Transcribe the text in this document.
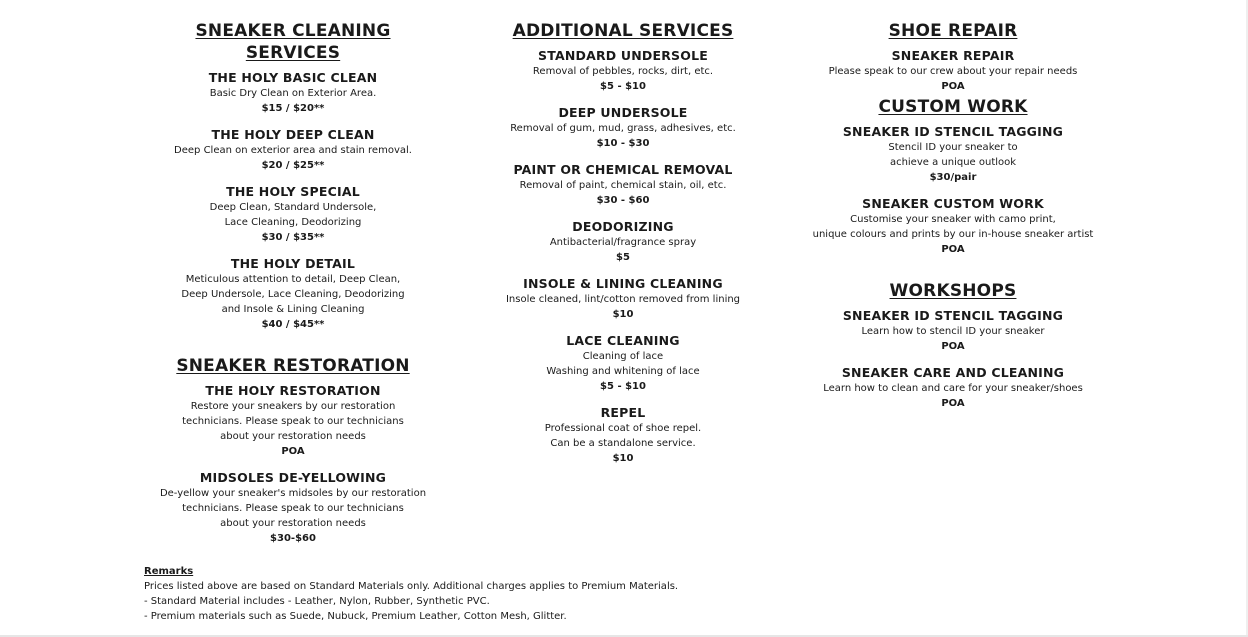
SNEAKER CLEANING SERVICES
THE HOLY BASIC CLEAN
Basic Dry Clean on Exterior Area.
$15 / $20**
THE HOLY DEEP CLEAN
Deep Clean on exterior area and stain removal.
$20 / $25**
THE HOLY SPECIAL
Deep Clean, Standard Undersole,
Lace Cleaning, Deodorizing
$30 / $35**
THE HOLY DETAIL
Meticulous attention to detail, Deep Clean,
Deep Undersole, Lace Cleaning, Deodorizing
and Insole & Lining Cleaning
$40 / $45**
SNEAKER RESTORATION
THE HOLY RESTORATION
Restore your sneakers by our restoration
technicians. Please speak to our technicians
about your restoration needs
POA
MIDSOLES DE-YELLOWING
De-yellow your sneaker's midsoles by our restoration
technicians. Please speak to our technicians
about your restoration needs
$30-$60
ADDITIONAL SERVICES
STANDARD UNDERSOLE
Removal of pebbles, rocks, dirt, etc.
$5 - $10
DEEP UNDERSOLE
Removal of gum, mud, grass, adhesives, etc.
$10 - $30
PAINT OR CHEMICAL REMOVAL
Removal of paint, chemical stain, oil, etc.
$30 - $60
DEODORIZING
Antibacterial/fragrance spray
$5
INSOLE & LINING CLEANING
Insole cleaned, lint/cotton removed from lining
$10
LACE CLEANING
Cleaning of lace
Washing and whitening of lace
$5 - $10
REPEL
Professional coat of shoe repel.
Can be a standalone service.
$10
SHOE REPAIR
SNEAKER REPAIR
Please speak to our crew about your repair needs
POA
CUSTOM WORK
SNEAKER ID STENCIL TAGGING
Stencil ID your sneaker to
achieve a unique outlook
$30/pair
SNEAKER CUSTOM WORK
Customise your sneaker with camo print,
unique colours and prints by our in-house sneaker artist
POA
WORKSHOPS
SNEAKER ID STENCIL TAGGING
Learn how to stencil ID your sneaker
POA
SNEAKER CARE AND CLEANING
Learn how to clean and care for your sneaker/shoes
POA
Remarks
Prices listed above are based on Standard Materials only. Additional charges applies to Premium Materials.
- Standard Material includes - Leather, Nylon, Rubber, Synthetic PVC.
- Premium materials such as Suede, Nubuck, Premium Leather, Cotton Mesh, Glitter.
